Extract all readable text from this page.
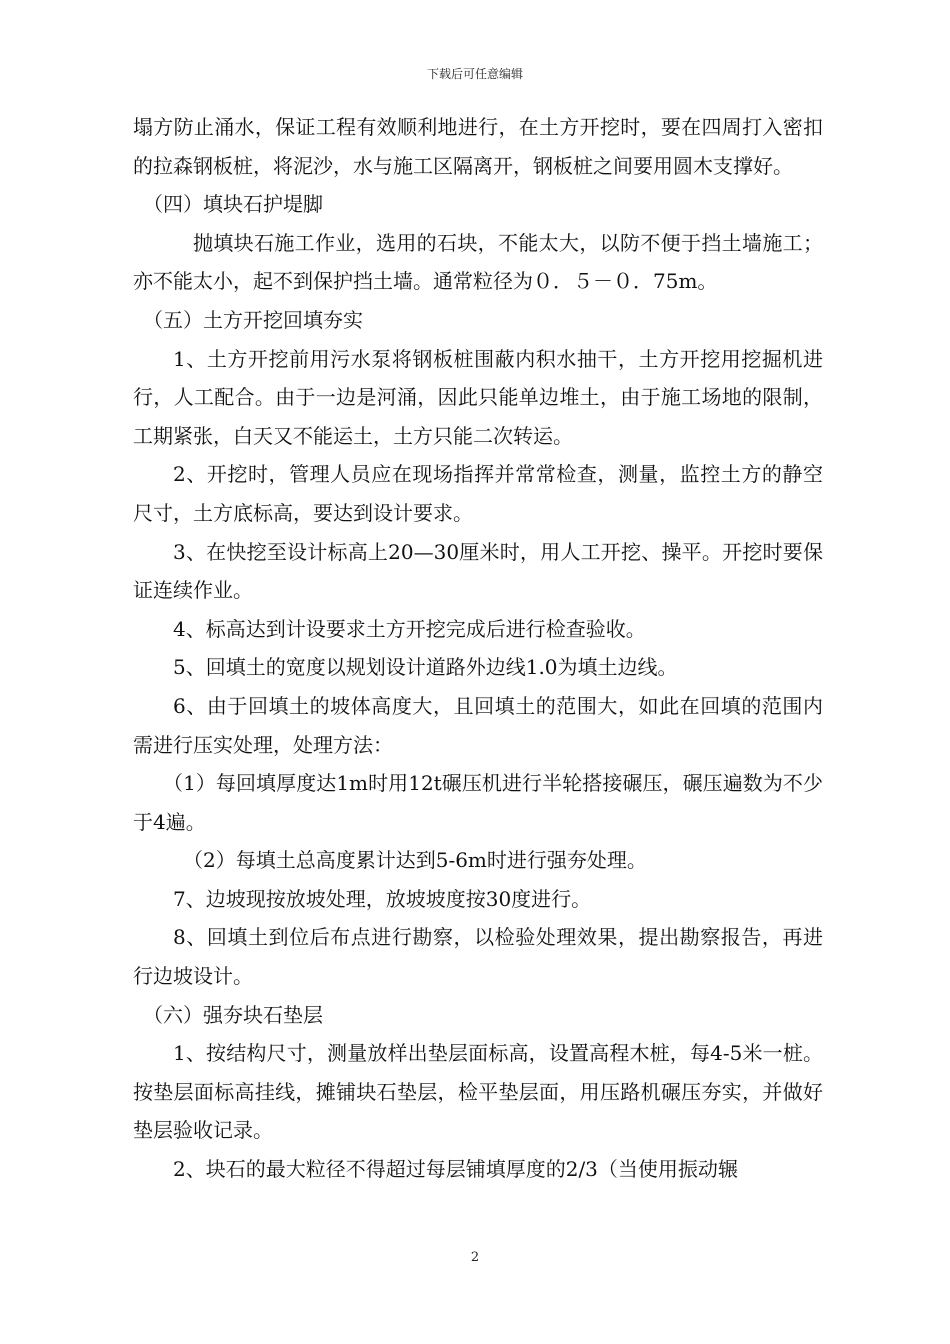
下载后可任意编辑

塌方防止涌水，保证工程有效顺利地进行，在土方开挖时，要在四周打入密扣的拉森钢板桩，将泥沙，水与施工区隔离开，钢板桩之间要用圆木支撑好。

（四）填块石护堤脚

抛填块石施工作业，选用的石块，不能太大，以防不便于挡土墙施工；亦不能太小，起不到保护挡土墙。通常粒径为０．５－０．75m。

（五）土方开挖回填夯实

1、土方开挖前用污水泵将钢板桩围蔽内积水抽干，土方开挖用挖掘机进行，人工配合。由于一边是河涌，因此只能单边堆土，由于施工场地的限制，工期紧张，白天又不能运土，土方只能二次转运。

2、开挖时，管理人员应在现场指挥并常常检查，测量，监控土方的静空尺寸，土方底标高，要达到设计要求。

3、在快挖至设计标高上20—30厘米时，用人工开挖、操平。开挖时要保证连续作业。

4、标高达到计设要求土方开挖完成后进行检查验收。

5、回填土的宽度以规划设计道路外边线1.0为填土边线。

6、由于回填土的坡体高度大，且回填土的范围大，如此在回填的范围内需进行压实处理，处理方法：

（1）每回填厚度达1m时用12t碾压机进行半轮搭接碾压，碾压遍数为不少于4遍。

（2）每填土总高度累计达到5-6m时进行强夯处理。

7、边坡现按放坡处理，放坡坡度按30度进行。

8、回填土到位后布点进行勘察，以检验处理效果，提出勘察报告，再进行边坡设计。

（六）强夯块石垫层

1、按结构尺寸，测量放样出垫层面标高，设置高程木桩，每4-5米一桩。按垫层面标高挂线，摊铺块石垫层，检平垫层面，用压路机碾压夯实，并做好垫层验收记录。

2、块石的最大粒径不得超过每层铺填厚度的2/3（当使用振动辗

2
